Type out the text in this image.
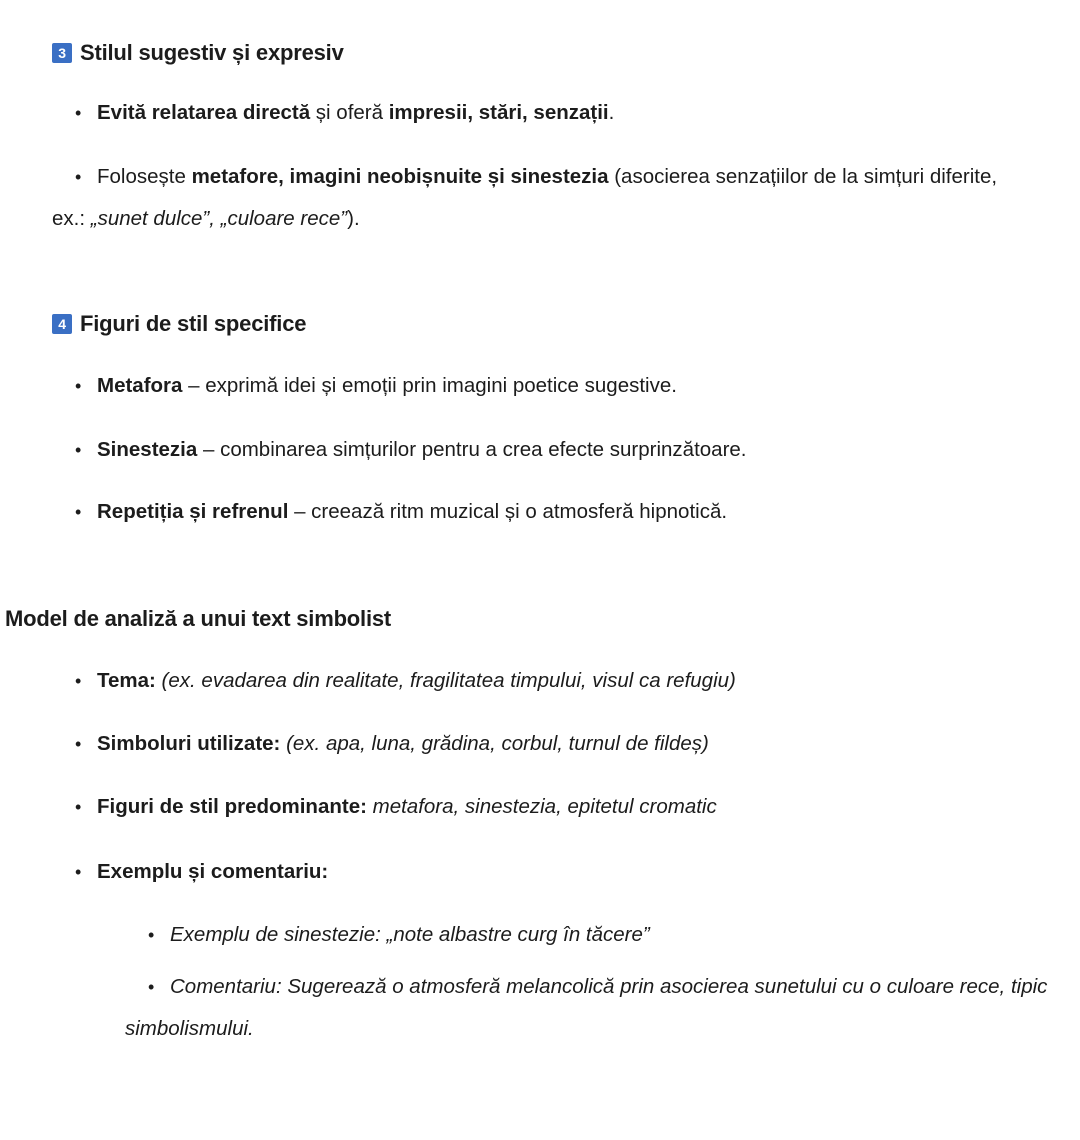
3 Stilul sugestiv și expresiv
• Evită relatarea directă și oferă impresii, stări, senzații.
• Folosește metafore, imagini neobișnuite și sinestezia (asocierea senzațiilor de la simțuri diferite, ex.: „sunet dulce”, „culoare rece”).
4 Figuri de stil specifice
• Metafora – exprimă idei și emoții prin imagini poetice sugestive.
• Sinestezia – combinarea simțurilor pentru a crea efecte surprinzătoare.
• Repetiția și refrenul – creează ritm muzical și o atmosferă hipnotică.
Model de analiză a unui text simbolist
• Tema: (ex. evadarea din realitate, fragilitatea timpului, visul ca refugiu)
• Simboluri utilizate: (ex. apa, luna, grădina, corbul, turnul de fildeș)
• Figuri de stil predominante: metafora, sinestezia, epitetul cromatic
• Exemplu și comentariu:
• Exemplu de sinestezie: „note albastre curg în tăcere”
• Comentariu: Sugerează o atmosferă melancolică prin asocierea sunetului cu o culoare rece, tipic simbolismului.
